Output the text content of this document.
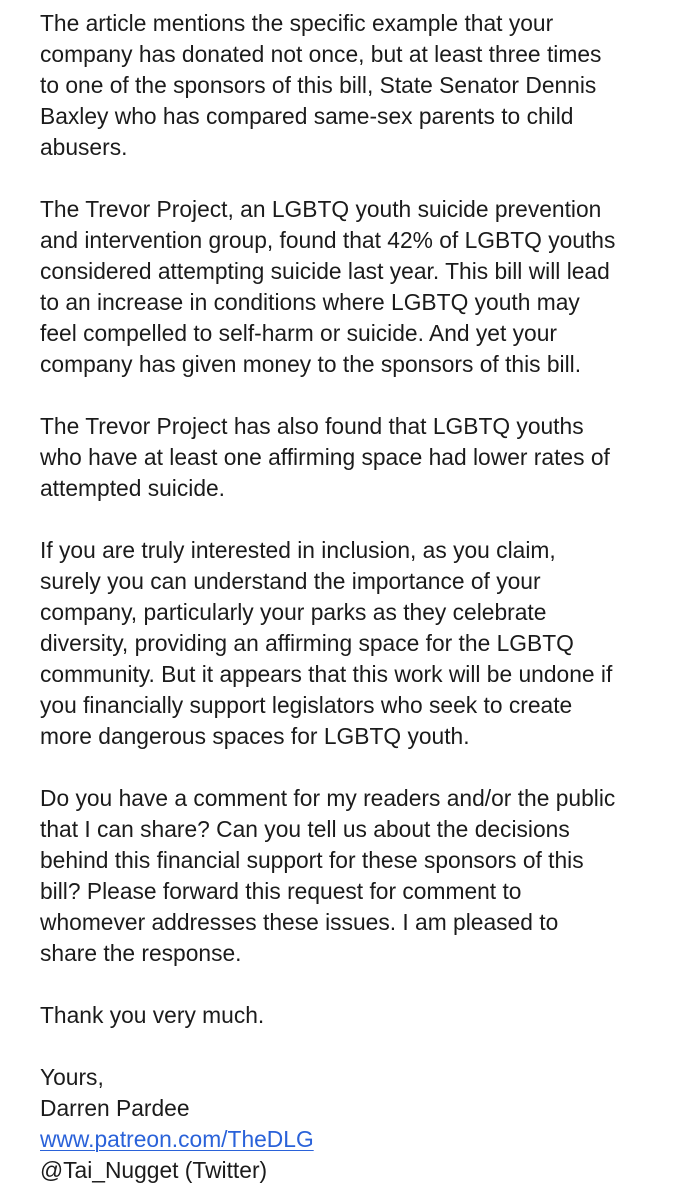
The article mentions the specific example that your
company has donated not once, but at least three times
to one of the sponsors of this bill, State Senator Dennis
Baxley who has compared same-sex parents to child
abusers.

The Trevor Project, an LGBTQ youth suicide prevention
and intervention group, found that 42% of LGBTQ youths
considered attempting suicide last year. This bill will lead
to an increase in conditions where LGBTQ youth may
feel compelled to self-harm or suicide. And yet your
company has given money to the sponsors of this bill.

The Trevor Project has also found that LGBTQ youths
who have at least one affirming space had lower rates of
attempted suicide.

If you are truly interested in inclusion, as you claim,
surely you can understand the importance of your
company, particularly your parks as they celebrate
diversity, providing an affirming space for the LGBTQ
community. But it appears that this work will be undone if
you financially support legislators who seek to create
more dangerous spaces for LGBTQ youth.

Do you have a comment for my readers and/or the public
that I can share? Can you tell us about the decisions
behind this financial support for these sponsors of this
bill? Please forward this request for comment to
whomever addresses these issues. I am pleased to
share the response.

Thank you very much.

Yours,
Darren Pardee
www.patreon.com/TheDLG
@Tai_Nugget (Twitter)
